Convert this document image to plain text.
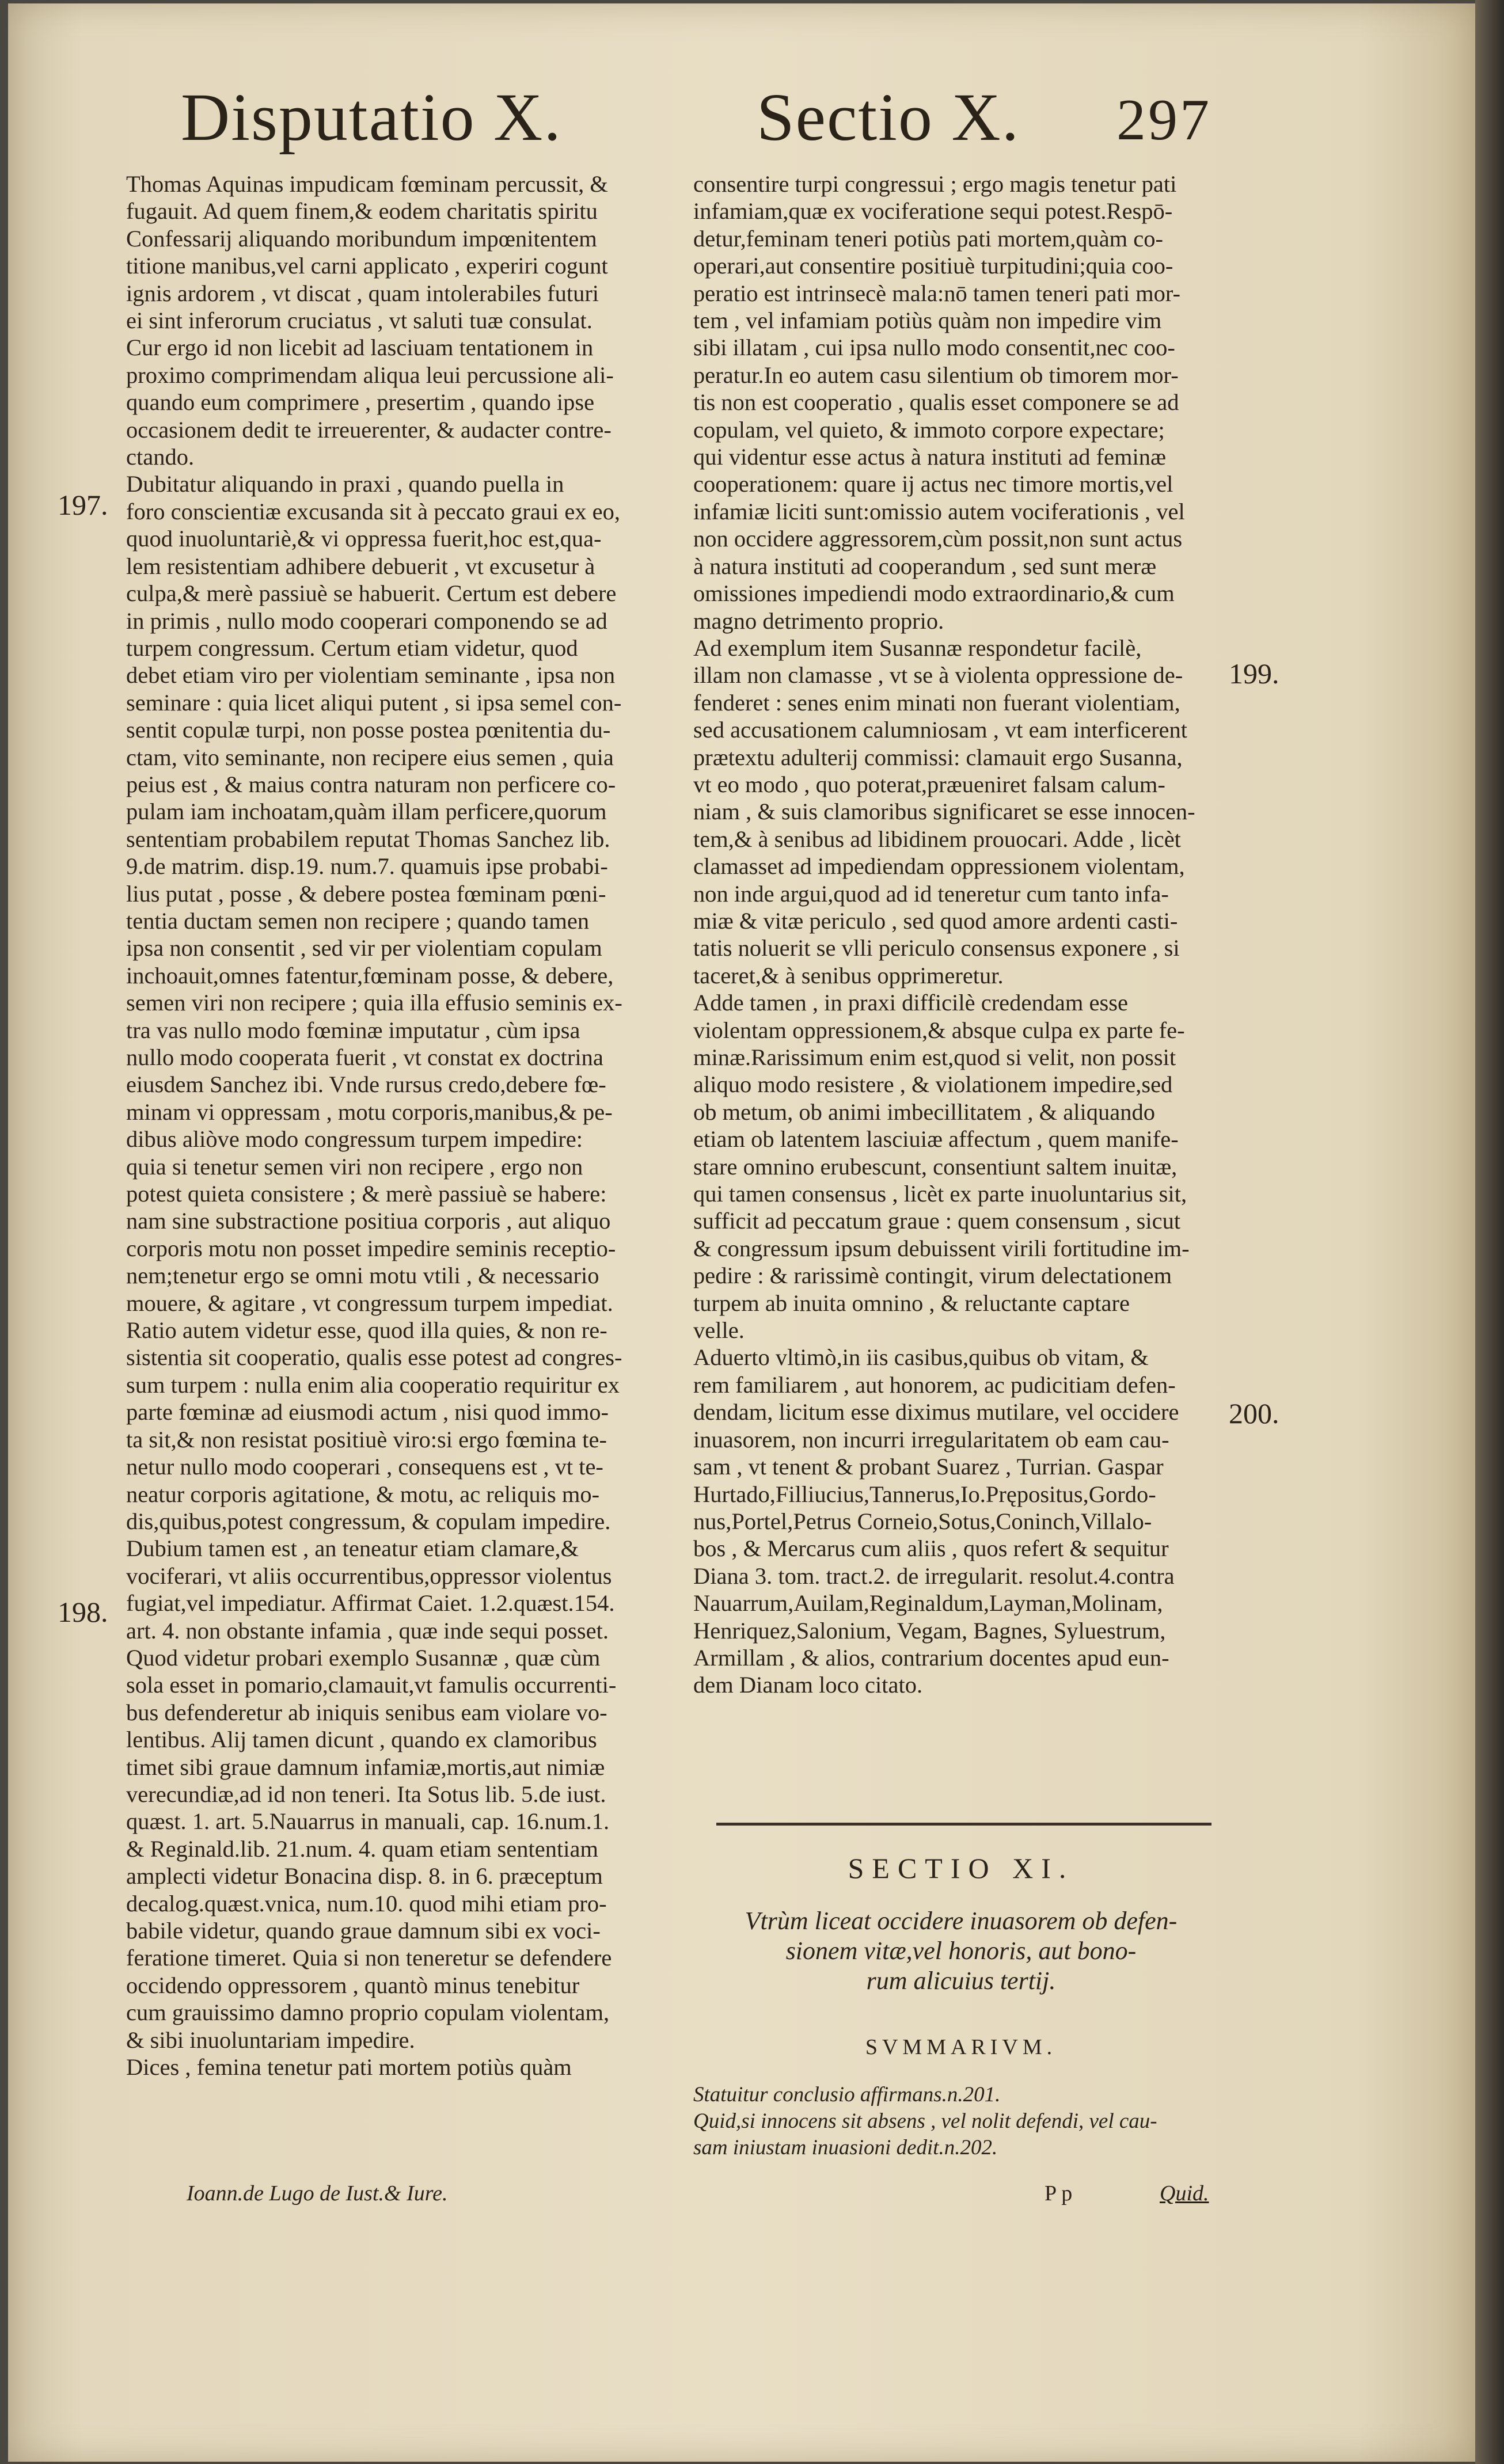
Disputatio X.	Sectio X. 297
Thomas Aquinas impudicam fœminam percussit, &
fugauit. Ad quem finem,& eodem charitatis spiritu
Confessarij aliquando moribundum impœnitentem
titione manibus,vel carni applicato , experiri cogunt
ignis ardorem , vt discat , quam intolerabiles futuri
ei sint inferorum cruciatus , vt saluti tuæ consulat.
Cur ergo id non licebit ad lasciuam tentationem in
proximo comprimendam aliqua leui percussione ali-
quando eum comprimere , presertim , quando ipse
occasionem dedit te irreuerenter, & audacter contre-
ctando.
Dubitatur aliquando in praxi , quando puella in
foro conscientiæ excusanda sit à peccato graui ex eo,
quod inuoluntariè,& vi oppressa fuerit,hoc est,qua-
lem resistentiam adhibere debuerit , vt excusetur à
culpa,& merè passiuè se habuerit. Certum est debere
in primis , nullo modo cooperari componendo se ad
turpem congressum. Certum etiam videtur, quod
debet etiam viro per violentiam seminante , ipsa non
seminare : quia licet aliqui putent , si ipsa semel con-
sentit copulæ turpi, non posse postea pœnitentia du-
ctam, vito seminante, non recipere eius semen , quia
peius est , & maius contra naturam non perficere co-
pulam iam inchoatam,quàm illam perficere,quorum
sententiam probabilem reputat Thomas Sanchez lib.
9.de matrim. disp.19. num.7. quamuis ipse probabi-
lius putat , posse , & debere postea fœminam pœni-
tentia ductam semen non recipere ; quando tamen
ipsa non consentit , sed vir per violentiam copulam
inchoauit,omnes fatentur,fœminam posse, & debere,
semen viri non recipere ; quia illa effusio seminis ex-
tra vas nullo modo fœminæ imputatur , cùm ipsa
nullo modo cooperata fuerit , vt constat ex doctrina
eiusdem Sanchez ibi. Vnde rursus credo,debere fœ-
minam vi oppressam , motu corporis,manibus,& pe-
dibus aliòve modo congressum turpem impedire:
quia si tenetur semen viri non recipere , ergo non
potest quieta consistere ; & merè passiuè se habere:
nam sine substractione positiua corporis , aut aliquo
corporis motu non posset impedire seminis receptio-
nem;tenetur ergo se omni motu vtili , & necessario
mouere, & agitare , vt congressum turpem impediat.
Ratio autem videtur esse, quod illa quies, & non re-
sistentia sit cooperatio, qualis esse potest ad congres-
sum turpem : nulla enim alia cooperatio requiritur ex
parte fœminæ ad eiusmodi actum , nisi quod immo-
ta sit,& non resistat positiuè viro:si ergo fœmina te-
netur nullo modo cooperari , consequens est , vt te-
neatur corporis agitatione, & motu, ac reliquis mo-
dis,quibus,potest congressum, & copulam impedire.
Dubium tamen est , an teneatur etiam clamare,&
vociferari, vt aliis occurrentibus,oppressor violentus
fugiat,vel impediatur. Affirmat Caiet. 1.2.quæst.154.
art. 4. non obstante infamia , quæ inde sequi posset.
Quod videtur probari exemplo Susannæ , quæ cùm
sola esset in pomario,clamauit,vt famulis occurrenti-
bus defenderetur ab iniquis senibus eam violare vo-
lentibus. Alij tamen dicunt , quando ex clamoribus
timet sibi graue damnum infamiæ,mortis,aut nimiæ
verecundiæ,ad id non teneri. Ita Sotus lib. 5.de iust.
quæst. 1. art. 5.Nauarrus in manuali, cap. 16.num.1.
& Reginald.lib. 21.num. 4. quam etiam sententiam
amplecti videtur Bonacina disp. 8. in 6. præceptum
decalog.quæst.vnica, num.10. quod mihi etiam pro-
babile videtur, quando graue damnum sibi ex voci-
feratione timeret. Quia si non teneretur se defendere
occidendo oppressorem , quantò minus tenebitur
cum grauissimo damno proprio copulam violentam,
& sibi inuoluntariam impedire.
Dices , femina tenetur pati mortem potiùs quàm
consentire turpi congressui ; ergo magis tenetur pati
infamiam,quæ ex vociferatione sequi potest.Respō-
detur,feminam teneri potiùs pati mortem,quàm co-
operari,aut consentire positiuè turpitudini;quia coo-
peratio est intrinsecè mala:nō tamen teneri pati mor-
tem , vel infamiam potiùs quàm non impedire vim
sibi illatam , cui ipsa nullo modo consentit,nec coo-
peratur.In eo autem casu silentium ob timorem mor-
tis non est cooperatio , qualis esset componere se ad
copulam, vel quieto, & immoto corpore expectare;
qui videntur esse actus à natura instituti ad feminæ
cooperationem: quare ij actus nec timore mortis,vel
infamiæ liciti sunt:omissio autem vociferationis , vel
non occidere aggressorem,cùm possit,non sunt actus
à natura instituti ad cooperandum , sed sunt meræ
omissiones impediendi modo extraordinario,& cum
magno detrimento proprio.
Ad exemplum item Susannæ respondetur facilè,
illam non clamasse , vt se à violenta oppressione de-
fenderet : senes enim minati non fuerant violentiam,
sed accusationem calumniosam , vt eam interficerent
prætextu adulterij commissi: clamauit ergo Susanna,
vt eo modo , quo poterat,præueniret falsam calum-
niam , & suis clamoribus significaret se esse innocen-
tem,& à senibus ad libidinem prouocari. Adde , licèt
clamasset ad impediendam oppressionem violentam,
non inde argui,quod ad id teneretur cum tanto infa-
miæ & vitæ periculo , sed quod amore ardenti casti-
tatis noluerit se vlli periculo consensus exponere , si
taceret,& à senibus opprimeretur.
Adde tamen , in praxi difficilè credendam esse
violentam oppressionem,& absque culpa ex parte fe-
minæ.Rarissimum enim est,quod si velit, non possit
aliquo modo resistere , & violationem impedire,sed
ob metum, ob animi imbecillitatem , & aliquando
etiam ob latentem lasciuiæ affectum , quem manife-
stare omnino erubescunt, consentiunt saltem inuitæ,
qui tamen consensus , licèt ex parte inuoluntarius sit,
sufficit ad peccatum graue : quem consensum , sicut
& congressum ipsum debuissent virili fortitudine im-
pedire : & rarissimè contingit, virum delectationem
turpem ab inuita omnino , & reluctante captare
velle.
Aduerto vltimò,in iis casibus,quibus ob vitam, &
rem familiarem , aut honorem, ac pudicitiam defen-
dendam, licitum esse diximus mutilare, vel occidere
inuasorem, non incurri irregularitatem ob eam cau-
sam , vt tenent & probant Suarez , Turrian. Gaspar
Hurtado,Filliucius,Tannerus,Io.Prępositus,Gordo-
nus,Portel,Petrus Corneio,Sotus,Coninch,Villalo-
bos , & Mercarus cum aliis , quos refert & sequitur
Diana 3. tom. tract.2. de irregularit. resolut.4.contra
Nauarrum,Auilam,Reginaldum,Layman,Molinam,
Henriquez,Salonium, Vegam, Bagnes, Syluestrum,
Armillam , & alios, contrarium docentes apud eun-
dem Dianam loco citato.
197.
198.
199.
200.
SECTIO XI.
Vtrùm liceat occidere inuasorem ob defen-
sionem vitæ,vel honoris, aut bono-
rum alicuius tertij.
SVMMARIVM.
Statuitur conclusio affirmans.n.201.
Quid,si innocens sit absens , vel nolit defendi, vel cau-
sam iniustam inuasioni dedit.n.202.
Ioann.de Lugo de Iust.& Iure.	P p	Quid.
